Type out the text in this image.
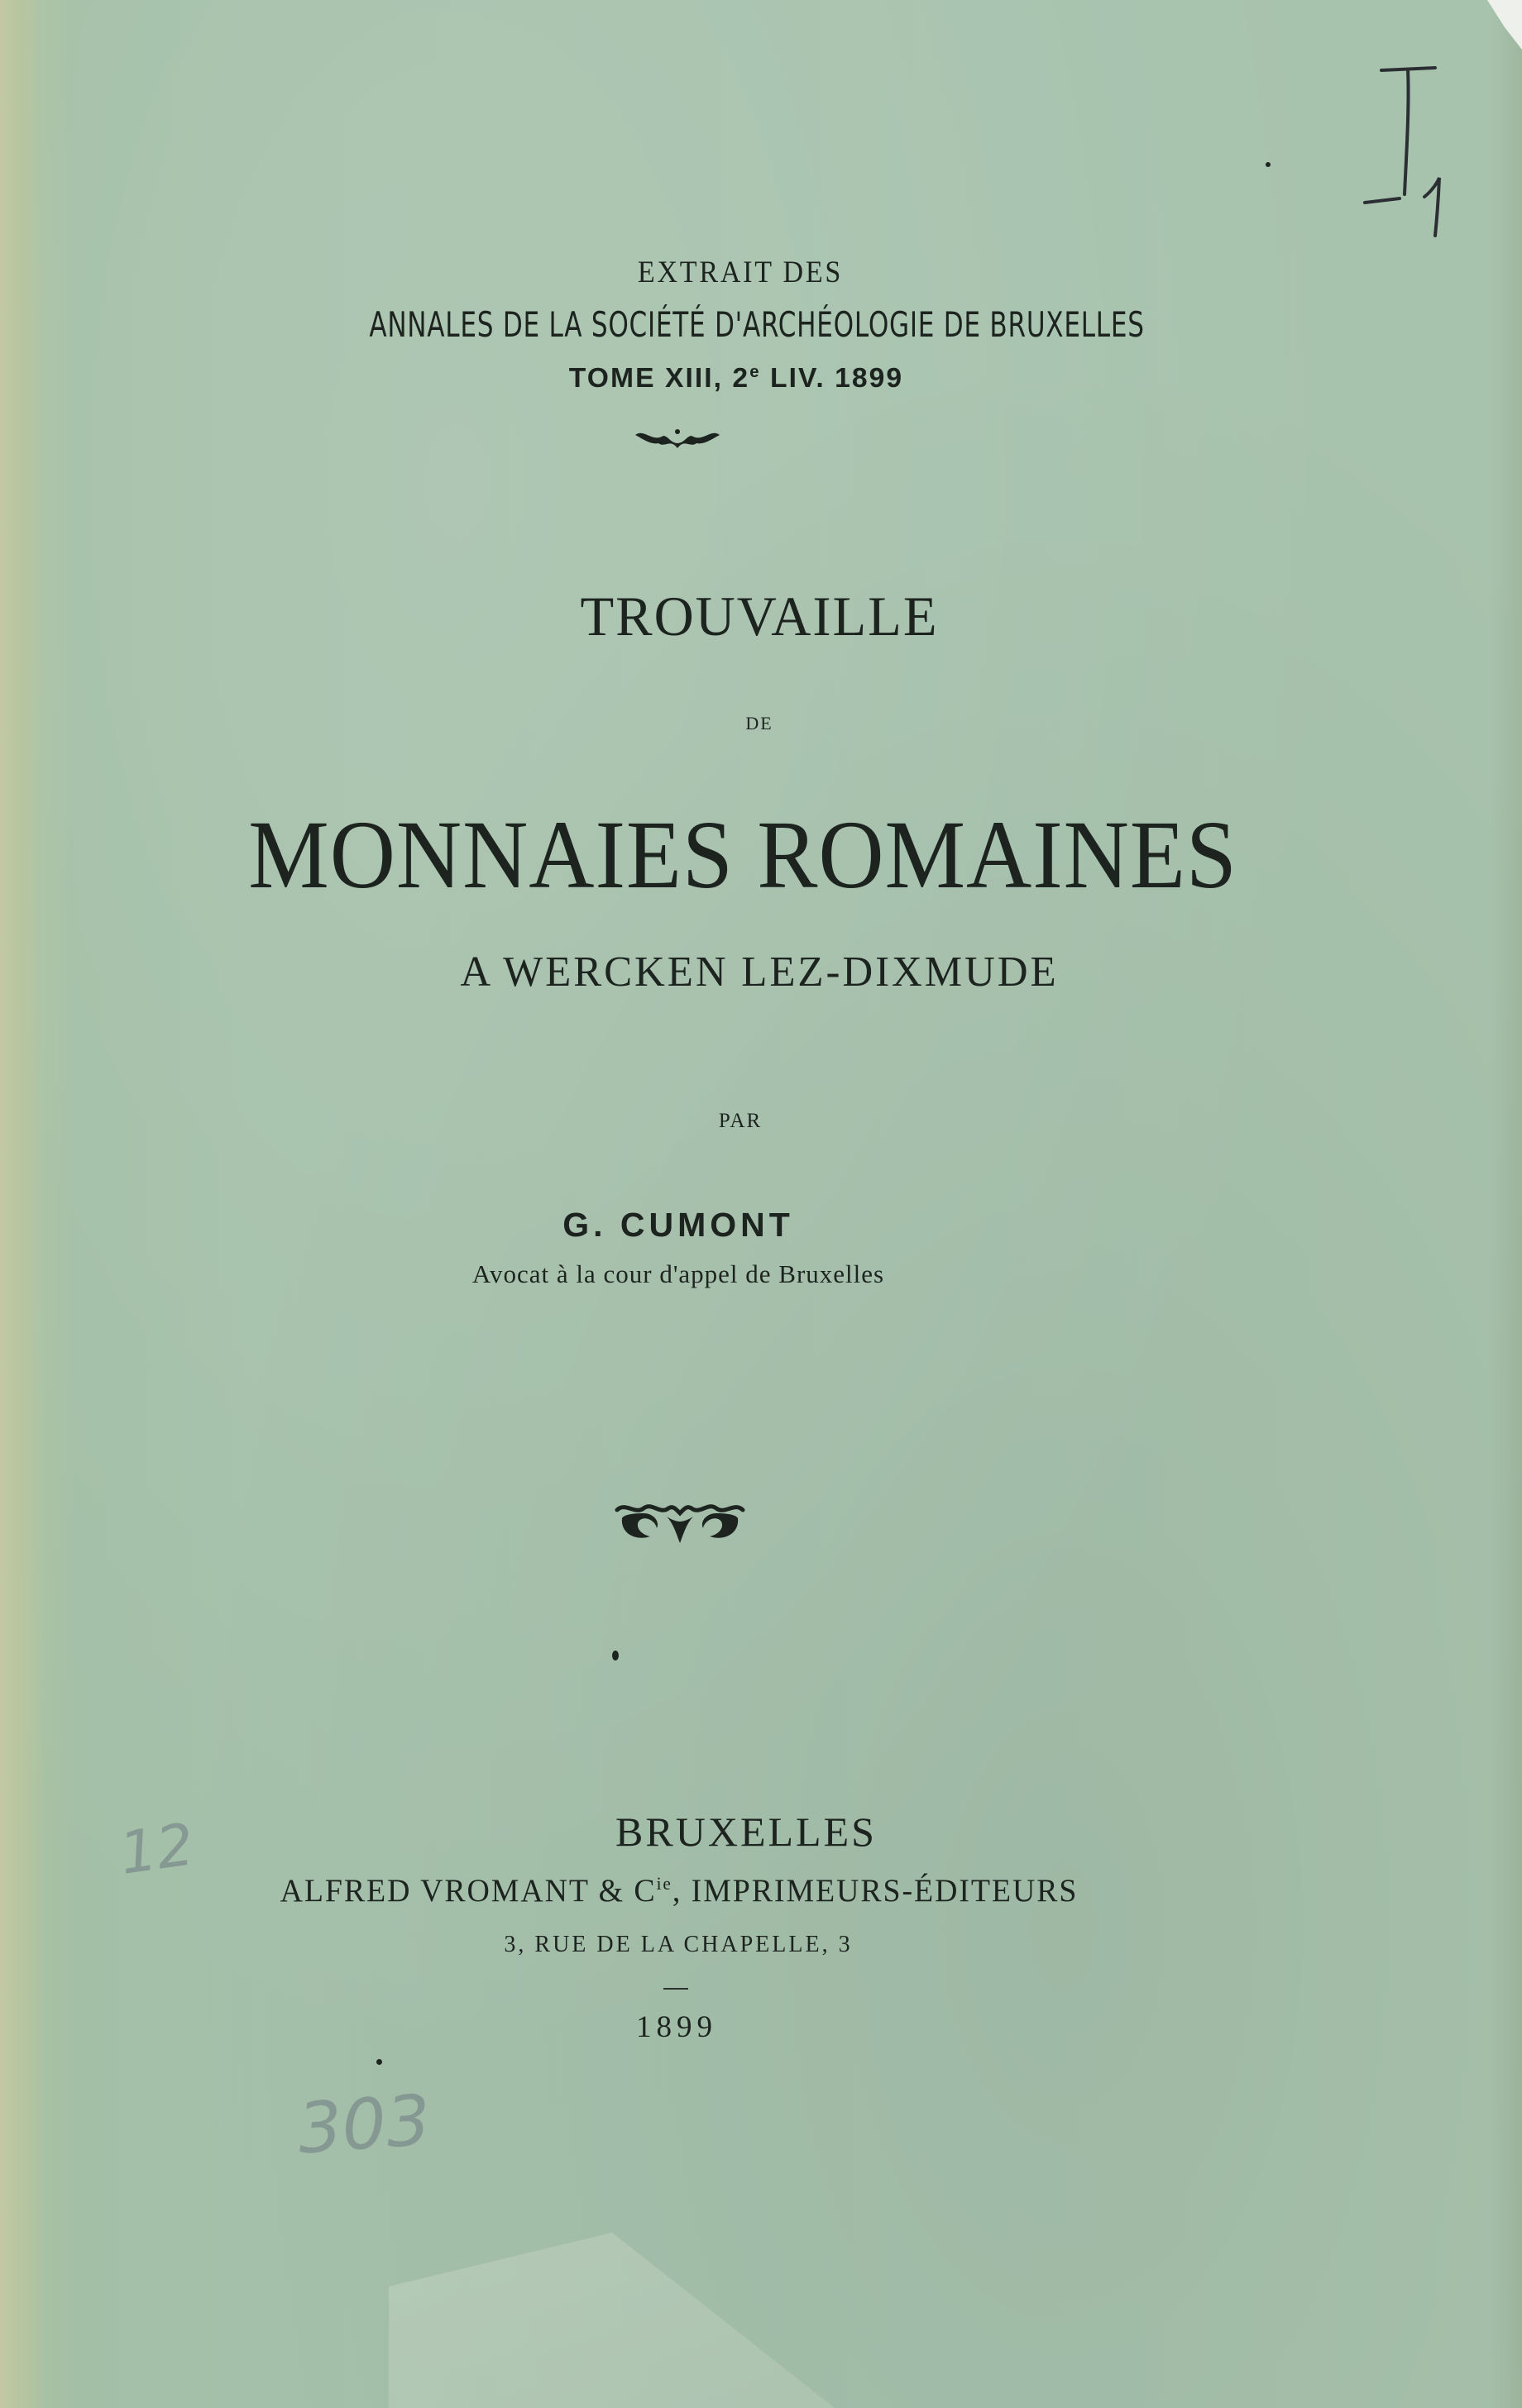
EXTRAIT DES

ANNALES DE LA SOCIÉTÉ D'ARCHÉOLOGIE DE BRUXELLES

TOME XIII, 2e LIV. 1899

TROUVAILLE

DE

MONNAIES ROMAINES

A WERCKEN LEZ-DIXMUDE

PAR

G. CUMONT

Avocat à la cour d'appel de Bruxelles

BRUXELLES

ALFRED VROMANT & $C^{ie}$, IMPRIMEURS-ÉDITEURS

3, RUE DE LA CHAPELLE, 3

1899

12
303
